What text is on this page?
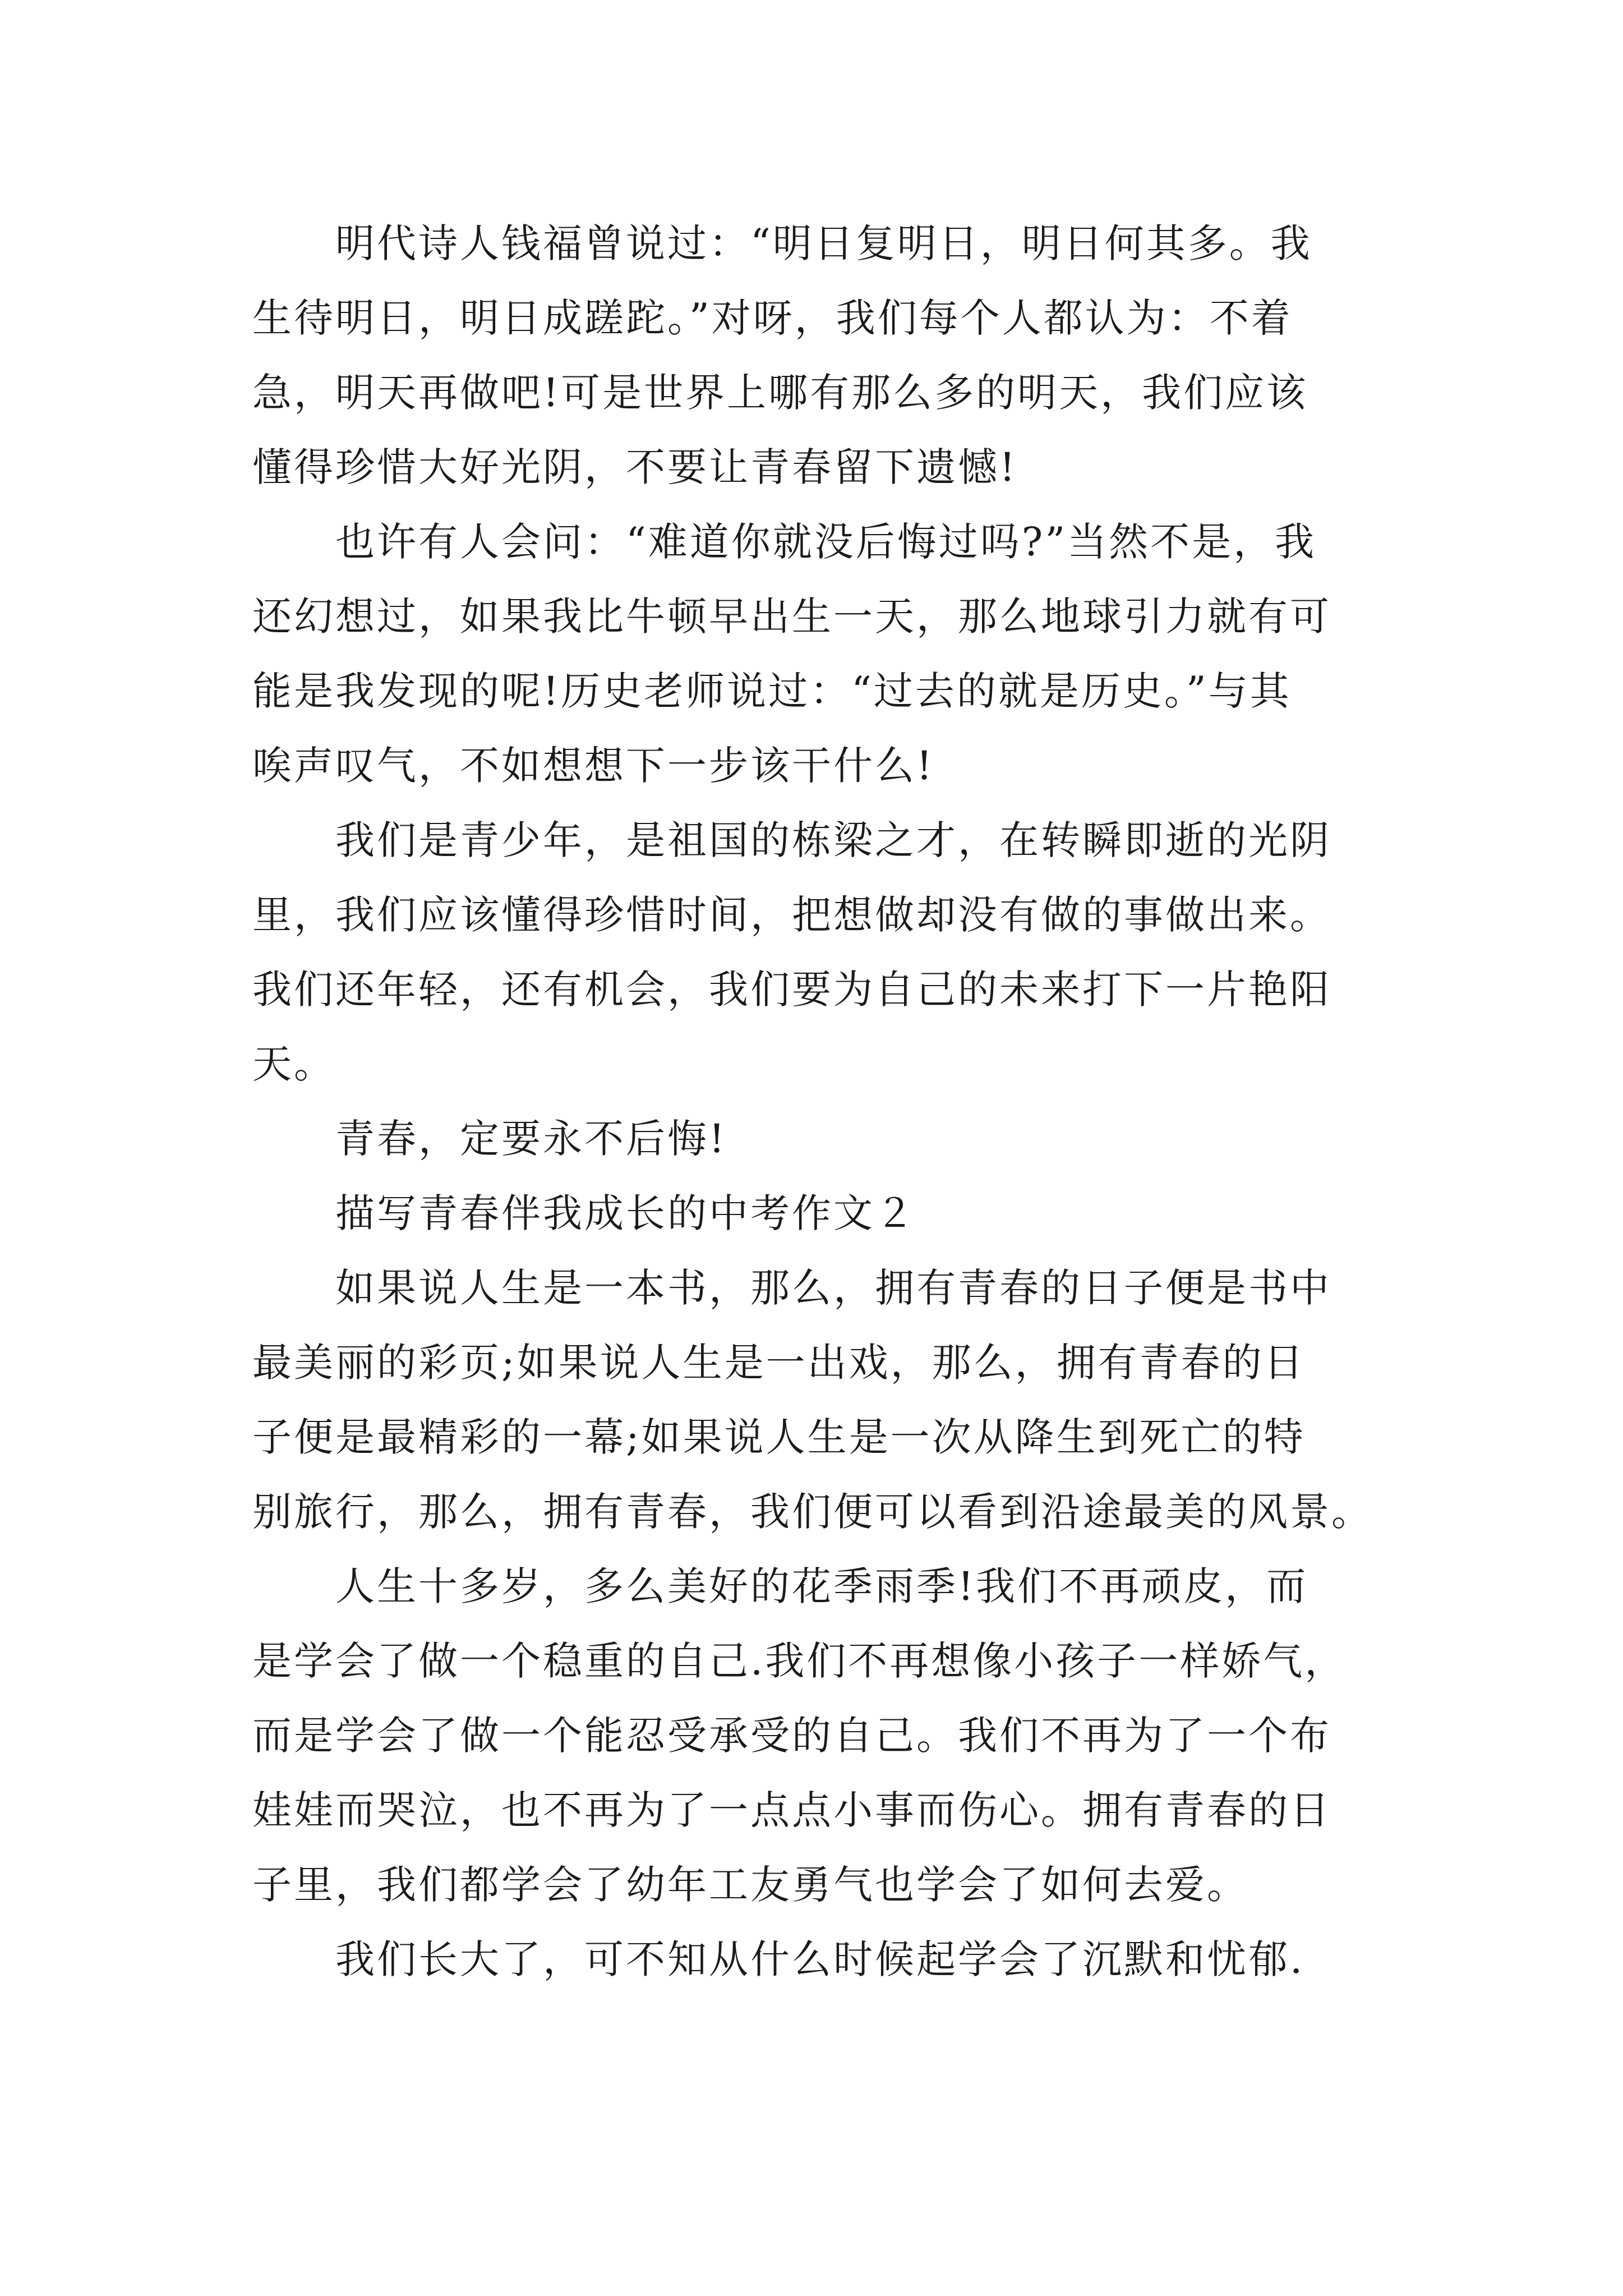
明代诗人钱福曾说过：“明日复明日，明日何其多。我
生待明日，明日成蹉跎。”对呀，我们每个人都认为：不着
急，明天再做吧!可是世界上哪有那么多的明天，我们应该
懂得珍惜大好光阴，不要让青春留下遗憾!
也许有人会问：“难道你就没后悔过吗?”当然不是，我
还幻想过，如果我比牛顿早出生一天，那么地球引力就有可
能是我发现的呢!历史老师说过：“过去的就是历史。”与其
唉声叹气，不如想想下一步该干什么!
我们是青少年，是祖国的栋梁之才，在转瞬即逝的光阴
里，我们应该懂得珍惜时间，把想做却没有做的事做出来。
我们还年轻，还有机会，我们要为自己的未来打下一片艳阳
天。
青春，定要永不后悔!
描写青春伴我成长的中考作文２
如果说人生是一本书，那么，拥有青春的日子便是书中
最美丽的彩页;如果说人生是一出戏，那么，拥有青春的日
子便是最精彩的一幕;如果说人生是一次从降生到死亡的特
别旅行，那么，拥有青春，我们便可以看到沿途最美的风景。
人生十多岁，多么美好的花季雨季!我们不再顽皮，而
是学会了做一个稳重的自己.我们不再想像小孩子一样娇气，
而是学会了做一个能忍受承受的自己。我们不再为了一个布
娃娃而哭泣，也不再为了一点点小事而伤心。拥有青春的日
子里，我们都学会了幼年工友勇气也学会了如何去爱。
我们长大了，可不知从什么时候起学会了沉默和忧郁.
